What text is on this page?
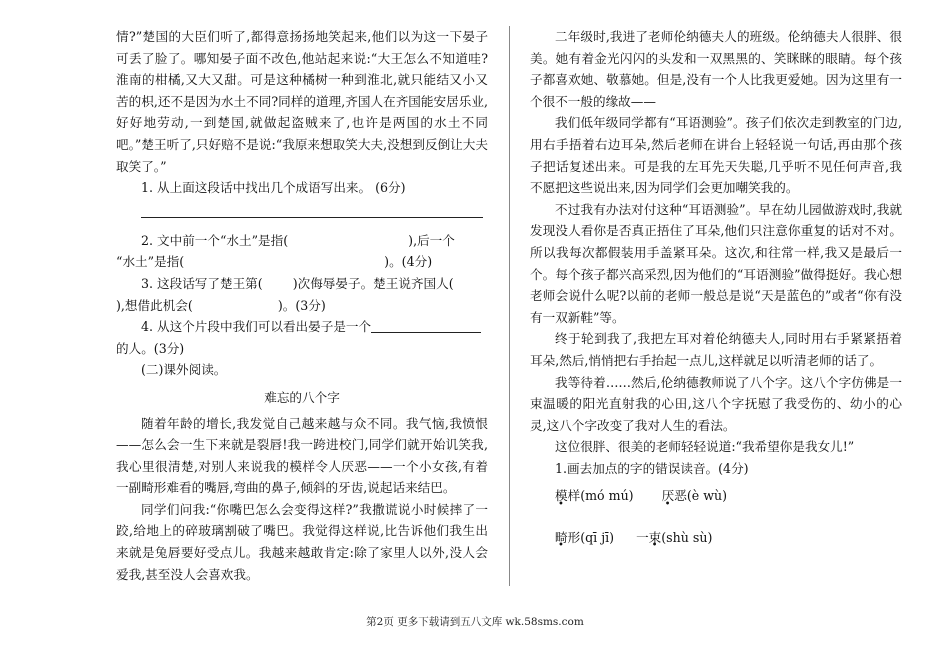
情?”楚国的大臣们听了,都得意扬扬地笑起来,他们以为这一下晏子可丢了脸了。哪知晏子面不改色,他站起来说:“大王怎么不知道哇?淮南的柑橘,又大又甜。可是这种橘树一种到淮北,就只能结又小又苦的枳,还不是因为水土不同?同样的道理,齐国人在齐国能安居乐业,好好地劳动,一到楚国,就做起盗贼来了,也许是两国的水土不同吧。”楚王听了,只好赔不是说:“我原来想取笑大夫,没想到反倒让大夫取笑了。”

1. 从上面这段话中找出几个成语写出来。 (6分)

2. 文中前一个“水土”是指(	),后一个

“水土”是指(	)。(4分)

3. 这段话写了楚王第( )次侮辱晏子。楚王说齐国人(

),想借此机会(	)。(3分)

4. 从这个片段中我们可以看出晏子是一个

的人。(3分)

(二)课外阅读。

难忘的八个字

随着年龄的增长,我发觉自己越来越与众不同。我气恼,我愤恨——怎么会一生下来就是裂唇!我一跨进校门,同学们就开始讥笑我,我心里很清楚,对别人来说我的模样令人厌恶——一个小女孩,有着一副畸形难看的嘴唇,弯曲的鼻子,倾斜的牙齿,说起话来结巴。

同学们问我:“你嘴巴怎么会变得这样?”我撒谎说小时候摔了一跤,给地上的碎玻璃割破了嘴巴。我觉得这样说,比告诉他们我生出来就是兔唇要好受点儿。我越来越敢肯定:除了家里人以外,没人会爱我,甚至没人会喜欢我。

二年级时,我进了老师伦纳德夫人的班级。伦纳德夫人很胖、很美。她有着金光闪闪的头发和一双黑黑的、笑眯眯的眼睛。每个孩子都喜欢她、敬慕她。但是,没有一个人比我更爱她。因为这里有一个很不一般的缘故——

我们低年级同学都有“耳语测验”。孩子们依次走到教室的门边,用右手捂着右边耳朵,然后老师在讲台上轻轻说一句话,再由那个孩子把话复述出来。可是我的左耳先天失聪,几乎听不见任何声音,我不愿把这些说出来,因为同学们会更加嘲笑我的。

不过我有办法对付这种“耳语测验”。早在幼儿园做游戏时,我就发现没人看你是否真正捂住了耳朵,他们只注意你重复的话对不对。所以我每次都假装用手盖紧耳朵。这次,和往常一样,我又是最后一个。每个孩子都兴高采烈,因为他们的“耳语测验”做得挺好。我心想老师会说什么呢?以前的老师一般总是说“天是蓝色的”或者“你有没有一双新鞋”等。

终于轮到我了,我把左耳对着伦纳德夫人,同时用右手紧紧捂着耳朵,然后,悄悄把右手抬起一点儿,这样就足以听清老师的话了。

我等待着……然后,伦纳德教师说了八个字。这八个字仿佛是一束温暖的阳光直射我的心田,这八个字抚慰了我受伤的、幼小的心灵,这八个字改变了我对人生的看法。

这位很胖、很美的老师轻轻说道:“我希望你是我女儿!”

1.画去加点的字的错误读音。(4分)

模样(mó mú) 厌恶(è wù)
畸形(qī jī) 一束(shù sù)
第2页 更多下载请到五八文库 wk.58sms.com
